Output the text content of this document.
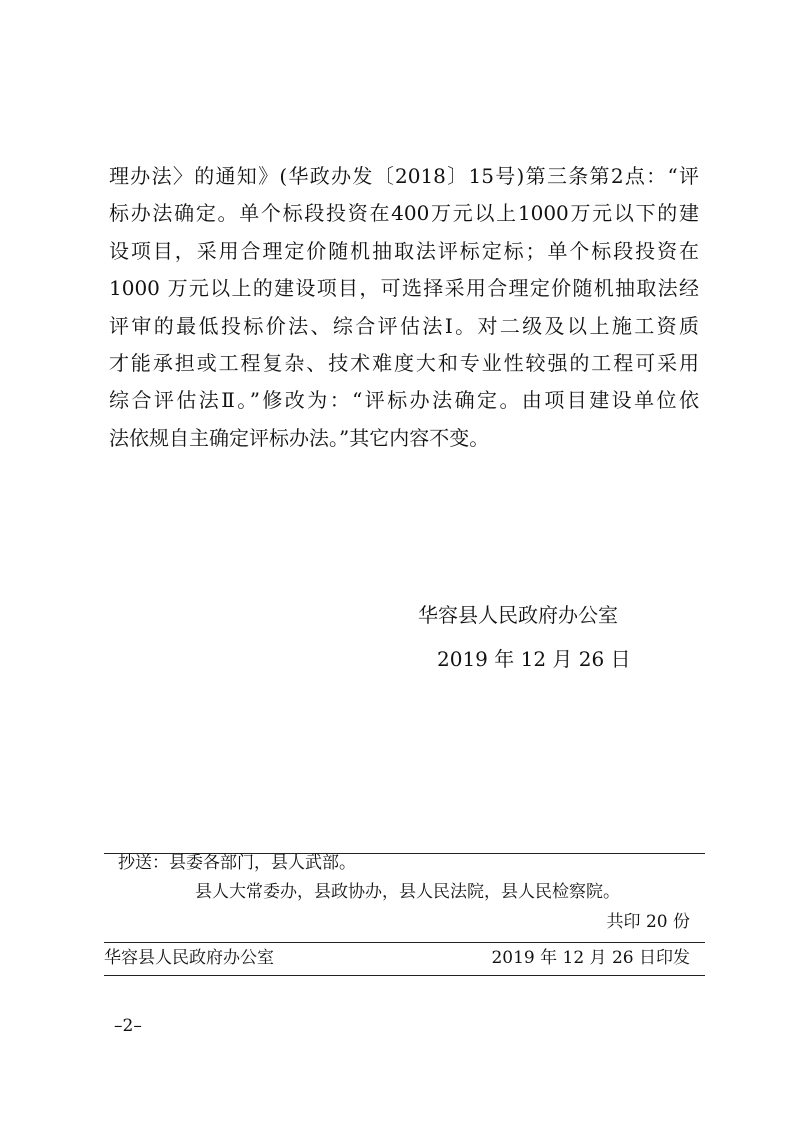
理办法〉的通知》(华政办发〔2018〕15号)第三条第2点：“评
标办法确定。单个标段投资在400万元以上1000万元以下的建
设项目，采用合理定价随机抽取法评标定标；单个标段投资在
1000 万元以上的建设项目，可选择采用合理定价随机抽取法经
评审的最低投标价法、综合评估法Ⅰ。对二级及以上施工资质
才能承担或工程复杂、技术难度大和专业性较强的工程可采用
综合评估法Ⅱ。”修改为：“评标办法确定。由项目建设单位依
法依规自主确定评标办法。”其它内容不变。
华容县人民政府办公室
2019 年 12 月 26 日
抄送：县委各部门，县人武部。
县人大常委办，县政协办，县人民法院，县人民检察院。
共印 20 份
华容县人民政府办公室	2019 年 12 月 26 日印发
–2–
